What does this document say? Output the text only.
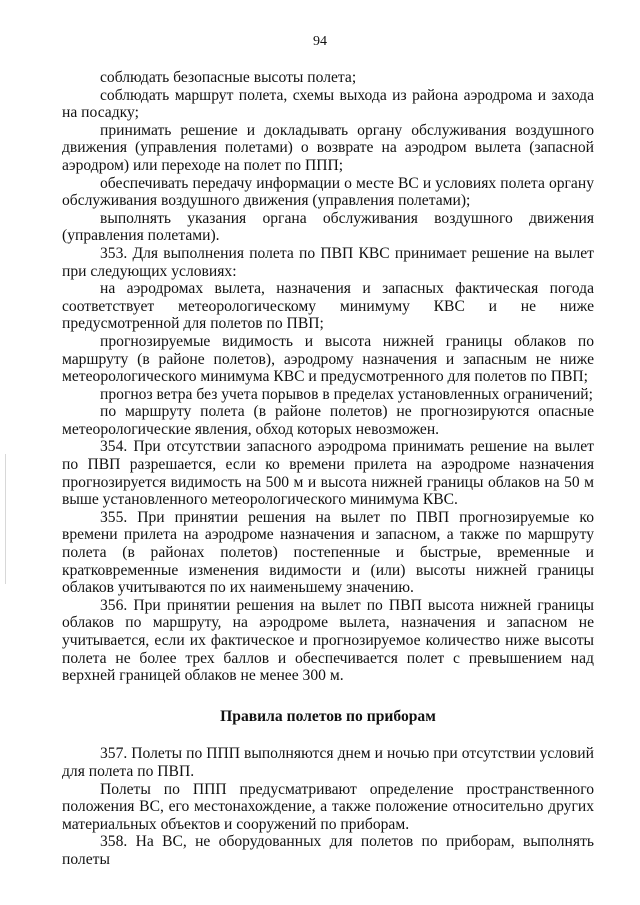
94

соблюдать безопасные высоты полета;

соблюдать маршрут полета, схемы выхода из района аэродрома и захода на посадку;

принимать решение и докладывать органу обслуживания воздушного движения (управления полетами) о возврате на аэродром вылета (запасной аэродром) или переходе на полет по ППП;

обеспечивать передачу информации о месте ВС и условиях полета органу обслуживания воздушного движения (управления полетами);

выполнять указания органа обслуживания воздушного движения (управления полетами).

353. Для выполнения полета по ПВП КВС принимает решение на вылет при следующих условиях:

на аэродромах вылета, назначения и запасных фактическая погода соответствует метеорологическому минимуму КВС и не ниже предусмотренной для полетов по ПВП;

прогнозируемые видимость и высота нижней границы облаков по маршруту (в районе полетов), аэродрому назначения и запасным не ниже метеорологического минимума КВС и предусмотренного для полетов по ПВП;

прогноз ветра без учета порывов в пределах установленных ограничений;

по маршруту полета (в районе полетов) не прогнозируются опасные метеорологические явления, обход которых невозможен.

354. При отсутствии запасного аэродрома принимать решение на вылет по ПВП разрешается, если ко времени прилета на аэродроме назначения прогнозируется видимость на 500 м и высота нижней границы облаков на 50 м выше установленного метеорологического минимума КВС.

355. При принятии решения на вылет по ПВП прогнозируемые ко времени прилета на аэродроме назначения и запасном, а также по маршруту полета (в районах полетов) постепенные и быстрые, временные и кратковременные изменения видимости и (или) высоты нижней границы облаков учитываются по их наименьшему значению.

356. При принятии решения на вылет по ПВП высота нижней границы облаков по маршруту, на аэродроме вылета, назначения и запасном не учитывается, если их фактическое и прогнозируемое количество ниже высоты полета не более трех баллов и обеспечивается полет с превышением над верхней границей облаков не менее 300 м.

Правила полетов по приборам

357. Полеты по ППП выполняются днем и ночью при отсутствии условий для полета по ПВП.

Полеты по ППП предусматривают определение пространственного положения ВС, его местонахождение, а также положение относительно других материальных объектов и сооружений по приборам.

358. На ВС, не оборудованных для полетов по приборам, выполнять полеты
